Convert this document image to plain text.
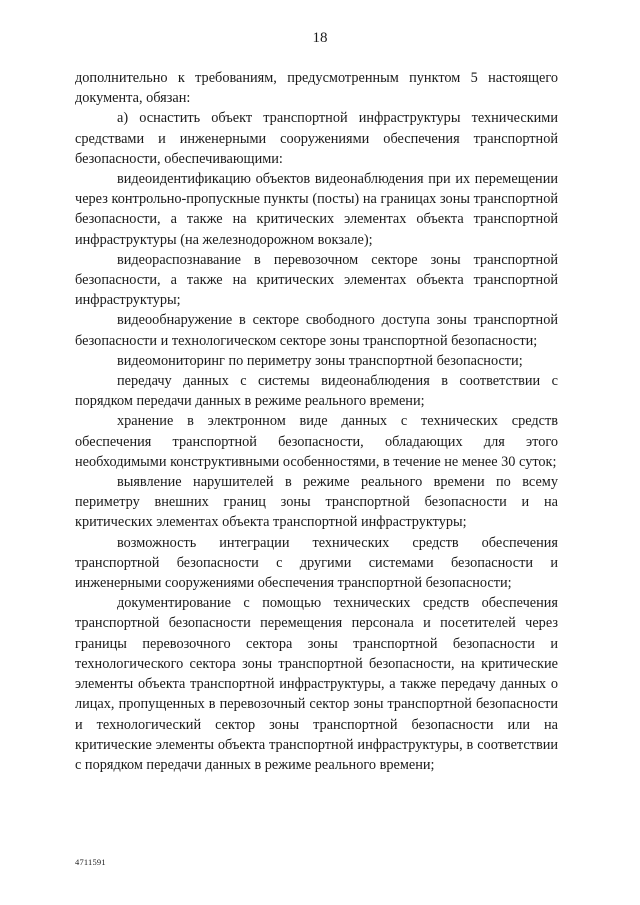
18

дополнительно к требованиям, предусмотренным пунктом 5 настоящего документа, обязан:

а) оснастить объект транспортной инфраструктуры техническими средствами и инженерными сооружениями обеспечения транспортной безопасности, обеспечивающими:

видеоидентификацию объектов видеонаблюдения при их перемещении через контрольно-пропускные пункты (посты) на границах зоны транспортной безопасности, а также на критических элементах объекта транспортной инфраструктуры (на железнодорожном вокзале);

видеораспознавание в перевозочном секторе зоны транспортной безопасности, а также на критических элементах объекта транспортной инфраструктуры;

видеообнаружение в секторе свободного доступа зоны транспортной безопасности и технологическом секторе зоны транспортной безопасности;

видеомониторинг по периметру зоны транспортной безопасности;

передачу данных с системы видеонаблюдения в соответствии с порядком передачи данных в режиме реального времени;

хранение в электронном виде данных с технических средств обеспечения транспортной безопасности, обладающих для этого необходимыми конструктивными особенностями, в течение не менее 30 суток;

выявление нарушителей в режиме реального времени по всему периметру внешних границ зоны транспортной безопасности и на критических элементах объекта транспортной инфраструктуры;

возможность интеграции технических средств обеспечения транспортной безопасности с другими системами безопасности и инженерными сооружениями обеспечения транспортной безопасности;

документирование с помощью технических средств обеспечения транспортной безопасности перемещения персонала и посетителей через границы перевозочного сектора зоны транспортной безопасности и технологического сектора зоны транспортной безопасности, на критические элементы объекта транспортной инфраструктуры, а также передачу данных о лицах, пропущенных в перевозочный сектор зоны транспортной безопасности и технологический сектор зоны транспортной безопасности или на критические элементы объекта транспортной инфраструктуры, в соответствии с порядком передачи данных в режиме реального времени;

4711591
